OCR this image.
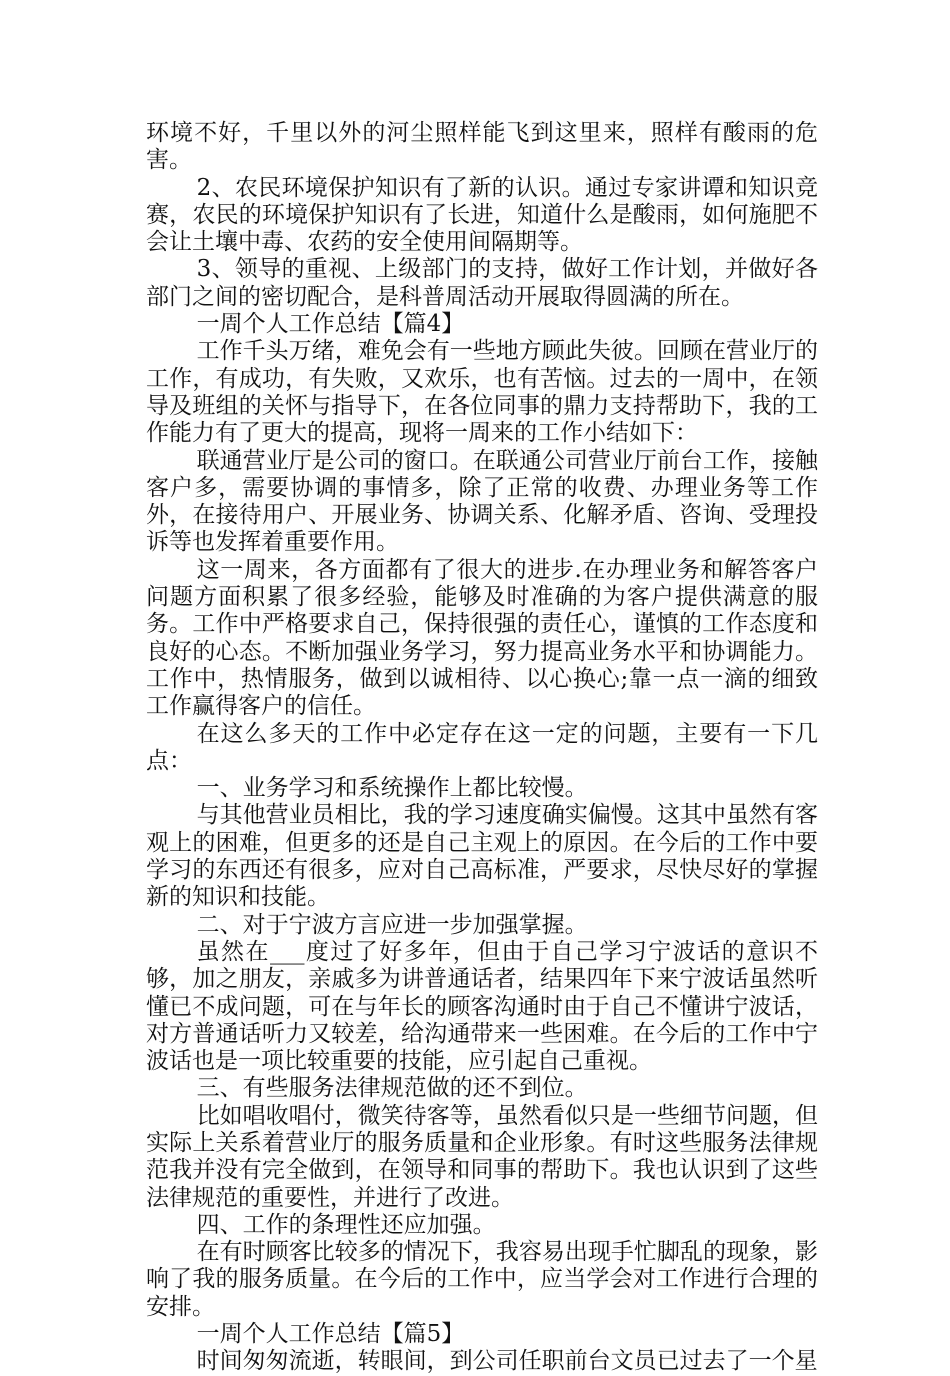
环境不好，千里以外的河尘照样能飞到这里来，照样有酸雨的危害。

2、农民环境保护知识有了新的认识。通过专家讲谭和知识竞赛，农民的环境保护知识有了长进，知道什么是酸雨，如何施肥不会让土壤中毒、农药的安全使用间隔期等。

3、领导的重视、上级部门的支持，做好工作计划，并做好各部门之间的密切配合，是科普周活动开展取得圆满的所在。

一周个人工作总结【篇4】

工作千头万绪，难免会有一些地方顾此失彼。回顾在营业厅的工作，有成功，有失败，又欢乐，也有苦恼。过去的一周中，在领导及班组的关怀与指导下，在各位同事的鼎力支持帮助下，我的工作能力有了更大的提高，现将一周来的工作小结如下：

联通营业厅是公司的窗口。在联通公司营业厅前台工作，接触客户多，需要协调的事情多，除了正常的收费、办理业务等工作外，在接待用户、开展业务、协调关系、化解矛盾、咨询、受理投诉等也发挥着重要作用。

这一周来，各方面都有了很大的进步.在办理业务和解答客户问题方面积累了很多经验，能够及时准确的为客户提供满意的服务。工作中严格要求自己，保持很强的责任心，谨慎的工作态度和良好的心态。不断加强业务学习，努力提高业务水平和协调能力。工作中，热情服务，做到以诚相待、以心换心;靠一点一滴的细致工作赢得客户的信任。

在这么多天的工作中必定存在这一定的问题，主要有一下几点：

一、业务学习和系统操作上都比较慢。

与其他营业员相比，我的学习速度确实偏慢。这其中虽然有客观上的困难，但更多的还是自己主观上的原因。在今后的工作中要学习的东西还有很多，应对自己高标准，严要求，尽快尽好的掌握新的知识和技能。

二、对于宁波方言应进一步加强掌握。

虽然在___度过了好多年，但由于自己学习宁波话的意识不够，加之朋友，亲戚多为讲普通话者，结果四年下来宁波话虽然听懂已不成问题，可在与年长的顾客沟通时由于自己不懂讲宁波话，对方普通话听力又较差，给沟通带来一些困难。在今后的工作中宁波话也是一项比较重要的技能，应引起自己重视。

三、有些服务法律规范做的还不到位。

比如唱收唱付，微笑待客等，虽然看似只是一些细节问题，但实际上关系着营业厅的服务质量和企业形象。有时这些服务法律规范我并没有完全做到，在领导和同事的帮助下。我也认识到了这些法律规范的重要性，并进行了改进。

四、工作的条理性还应加强。

在有时顾客比较多的情况下，我容易出现手忙脚乱的现象，影响了我的服务质量。在今后的工作中，应当学会对工作进行合理的安排。

一周个人工作总结【篇5】

时间匆匆流逝，转眼间，到公司任职前台文员已过去了一个星
